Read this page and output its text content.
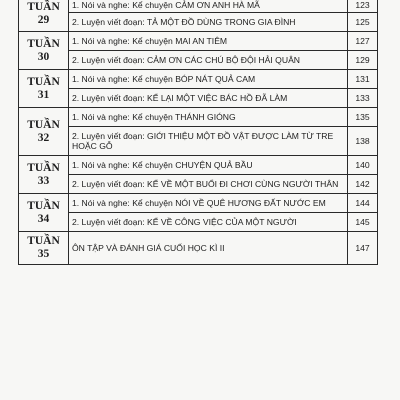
TUẦN
29	1. Nói và nghe: Kể chuyện CẢM ƠN ANH HÀ MÃ	123
	2. Luyện viết đoạn: TẢ MỘT ĐỒ DÙNG TRONG GIA ĐÌNH	125

TUẦN
30	1. Nói và nghe: Kể chuyện MAI AN TIÊM	127
	2. Luyện viết đoạn: CẢM ƠN CÁC CHÚ BỘ ĐỘI HẢI QUÂN	129

TUẦN
31	1. Nói và nghe: Kể chuyện BÓP NÁT QUẢ CAM	131
	2. Luyện viết đoạn: KỂ LẠI MỘT VIỆC BÁC HỒ ĐÃ LÀM	133

TUẦN
32	1. Nói và nghe: Kể chuyện THÁNH GIÓNG	135
	2. Luyện viết đoạn: GIỚI THIỆU MỘT ĐỒ VẬT ĐƯỢC LÀM TỪ TRE HOẶC GỖ	138

TUẦN
33	1. Nói và nghe: Kể chuyện CHUYỆN QUẢ BẦU	140
	2. Luyện viết đoạn: KỂ VỀ MỘT BUỔI ĐI CHƠI CÙNG NGƯỜI THÂN	142

TUẦN
34	1. Nói và nghe: Kể chuyện NÓI VỀ QUÊ HƯƠNG ĐẤT NƯỚC EM	144
	2. Luyện viết đoạn: KỂ VỀ CÔNG VIỆC CỦA MỘT NGƯỜI	145

TUẦN
35	ÔN TẬP VÀ ĐÁNH GIÁ CUỐI HỌC KÌ II	147
